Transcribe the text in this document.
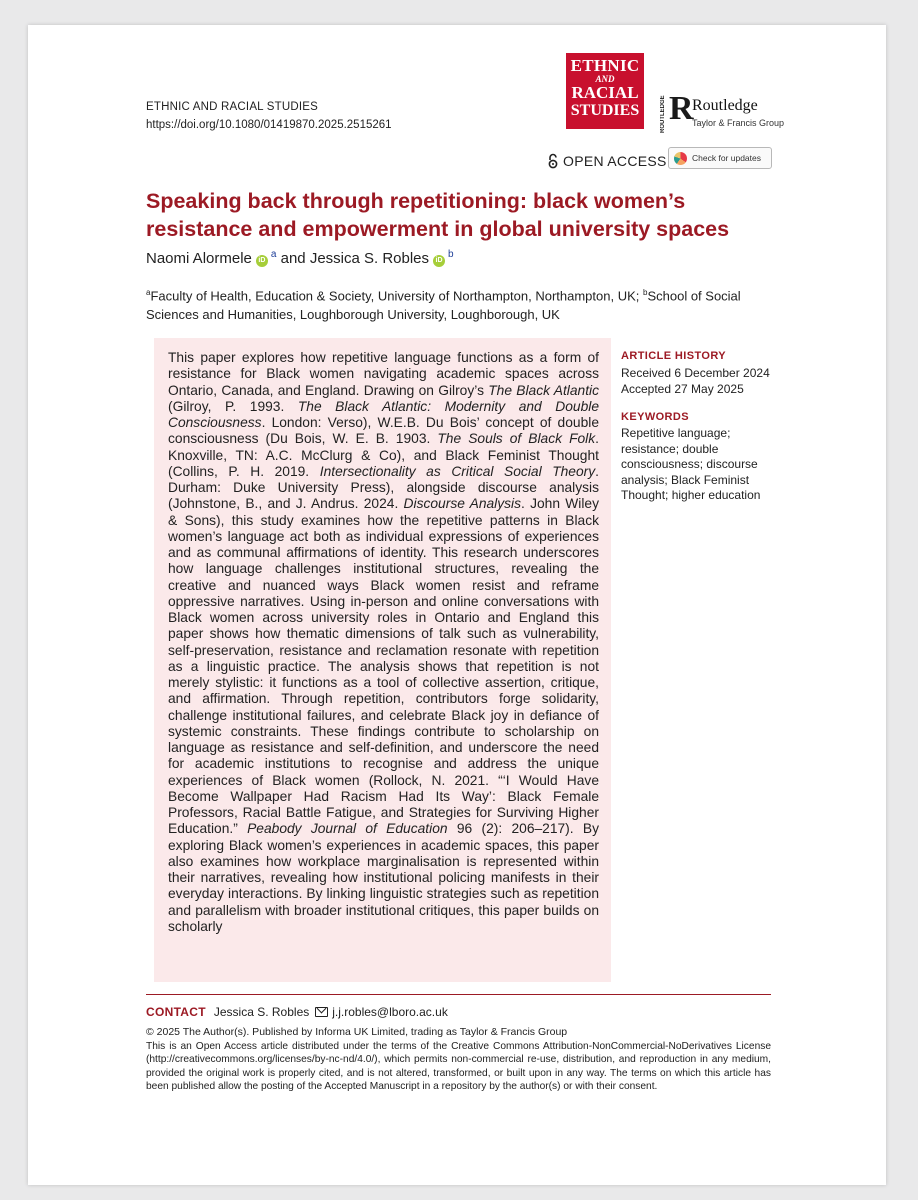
ETHNIC AND RACIAL STUDIES
https://doi.org/10.1080/01419870.2025.2515261
ETHNIC
AND
RACIAL
STUDIES	ROUTLEDGE R
Routledge
Taylor & Francis Group
OPEN ACCESS	Check for updates
Speaking back through repetitioning: black women’s resistance and empowerment in global university spaces
Naomi Alormele $iD^a$ and Jessica S. Robles $iD^b$
$^a$Faculty of Health, Education & Society, University of Northampton, Northampton, UK; $^b$School of Social Sciences and Humanities, Loughborough University, Loughborough, UK
This paper explores how repetitive language functions as a form of resistance for Black women navigating academic spaces across Ontario, Canada, and England. Drawing on Gilroy’s The Black Atlantic (Gilroy, P. 1993. The Black Atlantic: Modernity and Double Consciousness. London: Verso), W.E.B. Du Bois’ concept of double consciousness (Du Bois, W. E. B. 1903. The Souls of Black Folk. Knoxville, TN: A.C. McClurg & Co), and Black Feminist Thought (Collins, P. H. 2019. Intersectionality as Critical Social Theory. Durham: Duke University Press), alongside discourse analysis (Johnstone, B., and J. Andrus. 2024. Discourse Analysis. John Wiley & Sons), this study examines how the repetitive patterns in Black women’s language act both as individual expressions of experiences and as communal affirmations of identity. This research underscores how language challenges institutional structures, revealing the creative and nuanced ways Black women resist and reframe oppressive narratives. Using in-person and online conversations with Black women across university roles in Ontario and England this paper shows how thematic dimensions of talk such as vulnerability, self-preservation, resistance and reclamation resonate with repetition as a linguistic practice. The analysis shows that repetition is not merely stylistic: it functions as a tool of collective assertion, critique, and affirmation. Through repetition, contributors forge solidarity, challenge institutional failures, and celebrate Black joy in defiance of systemic constraints. These findings contribute to scholarship on language as resistance and self-definition, and underscore the need for academic institutions to recognise and address the unique experiences of Black women (Rollock, N. 2021. “‘I Would Have Become Wallpaper Had Racism Had Its Way’: Black Female Professors, Racial Battle Fatigue, and Strategies for Surviving Higher Education.” Peabody Journal of Education 96 (2): 206–217). By exploring Black women’s experiences in academic spaces, this paper also examines how workplace marginalisation is represented within their narratives, revealing how institutional policing manifests in their everyday interactions. By linking linguistic strategies such as repetition and parallelism with broader institutional critiques, this paper builds on scholarly
ARTICLE HISTORY
Received 6 December 2024
Accepted 27 May 2025
KEYWORDS
Repetitive language; resistance; double consciousness; discourse analysis; Black Feminist Thought; higher education
CONTACT Jessica S. Robles j.j.robles@lboro.ac.uk
© 2025 The Author(s). Published by Informa UK Limited, trading as Taylor & Francis Group
This is an Open Access article distributed under the terms of the Creative Commons Attribution-NonCommercial-NoDerivatives License (http://creativecommons.org/licenses/by-nc-nd/4.0/), which permits non-commercial re-use, distribution, and reproduction in any medium, provided the original work is properly cited, and is not altered, transformed, or built upon in any way. The terms on which this article has been published allow the posting of the Accepted Manuscript in a repository by the author(s) or with their consent.
